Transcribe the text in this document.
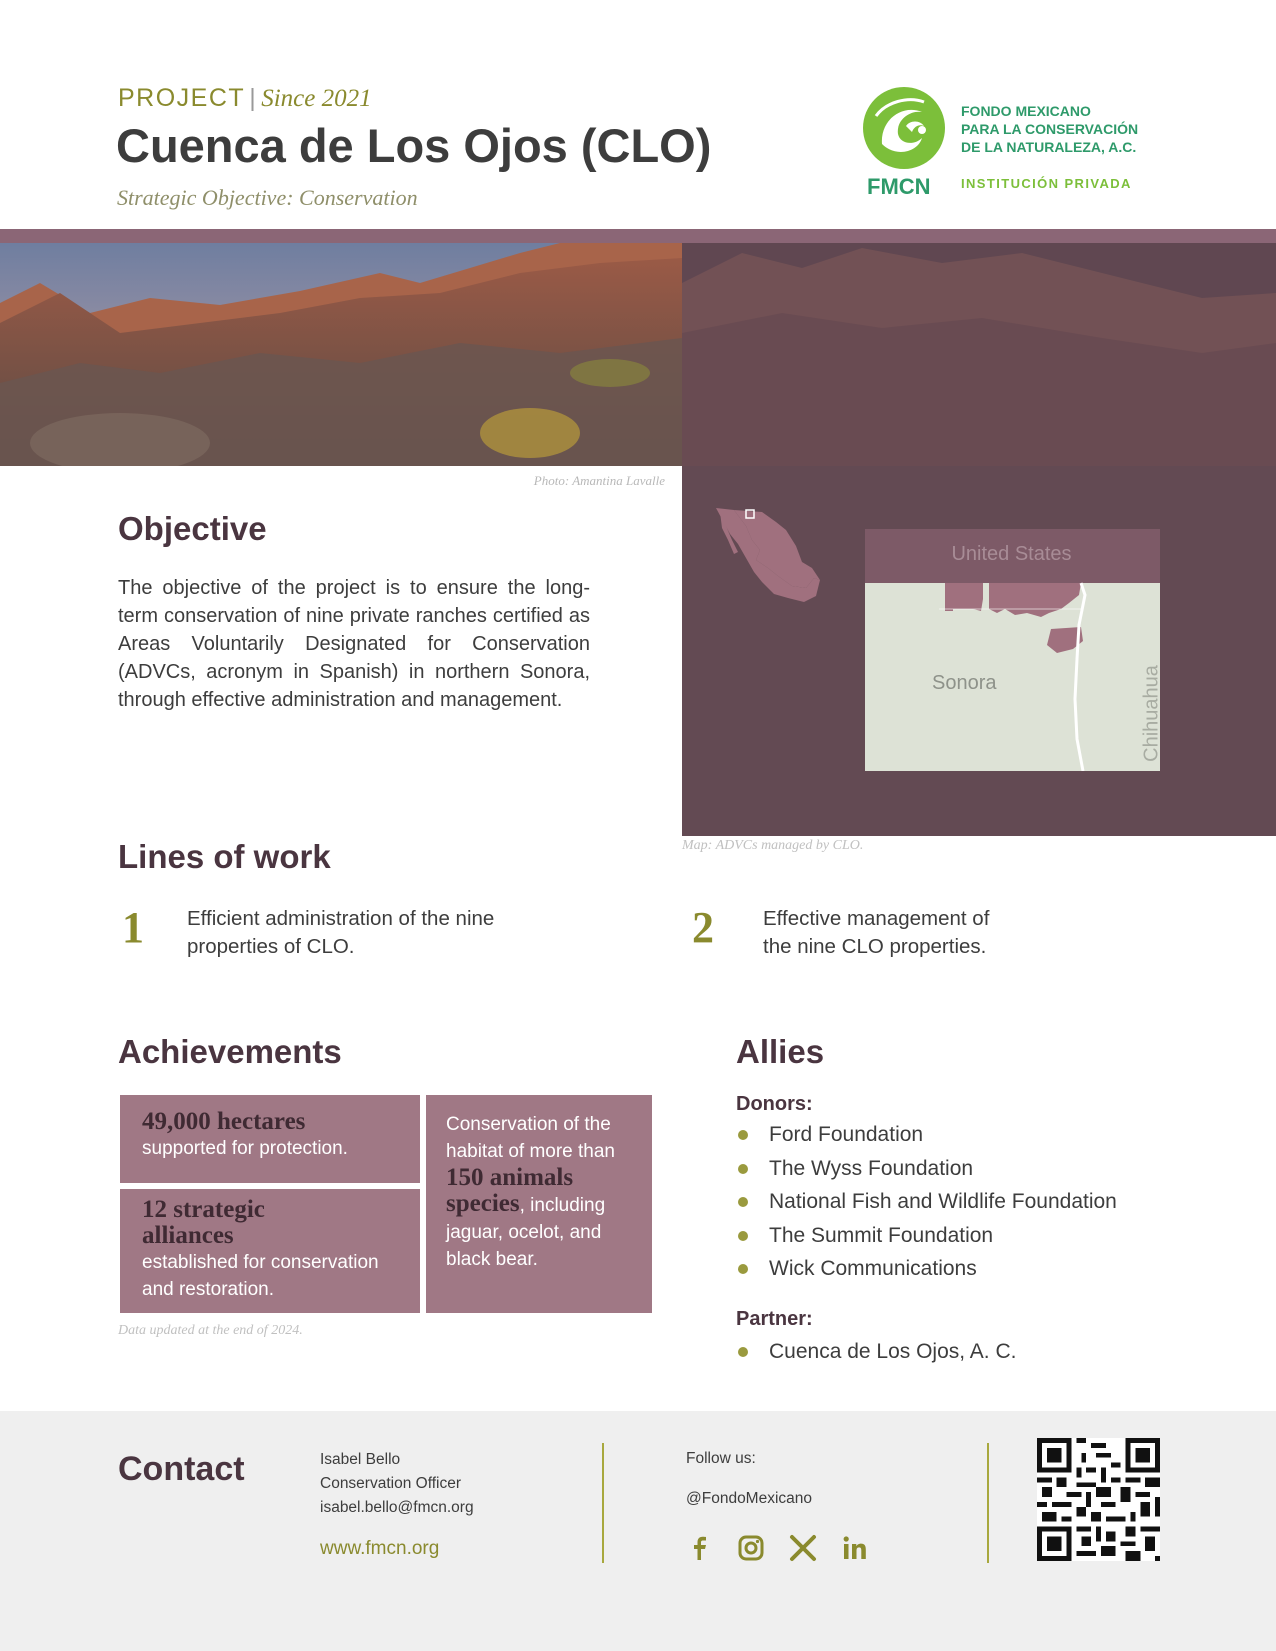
PROJECT | Since 2021
Cuenca de Los Ojos (CLO)
Strategic Objective: Conservation	FMCN
FONDO MEXICANO
PARA LA CONSERVACIÓN
DE LA NATURALEZA, A.C.
INSTITUCIÓN PRIVADA
Photo: Amantina Lavalle
United States
Sonora	Chihuahua
Map: ADVCs managed by CLO.
Objective
The objective of the project is to ensure the long-term conservation of nine private ranches certified as Areas Voluntarily Designated for Conservation (ADVCs, acronym in Spanish) in northern Sonora, through effective administration and management.
Lines of work
1 Efficient administration of the nine
properties of CLO.	2 Effective management of
the nine CLO properties.
Achievements
49,000 hectares
supported for protection.
12 strategic
alliances
established for conservation
and restoration.
Conservation of the
habitat of more than
150 animals
species, including
jaguar, ocelot, and
black bear.
Data updated at the end of 2024.
Allies
Donors:
Ford Foundation
The Wyss Foundation
National Fish and Wildlife Foundation
The Summit Foundation
Wick Communications
Partner:
Cuenca de Los Ojos, A. C.
Contact	Isabel Bello
Conservation Officer
isabel.bello@fmcn.org
www.fmcn.org
Follow us:
@FondoMexicano
